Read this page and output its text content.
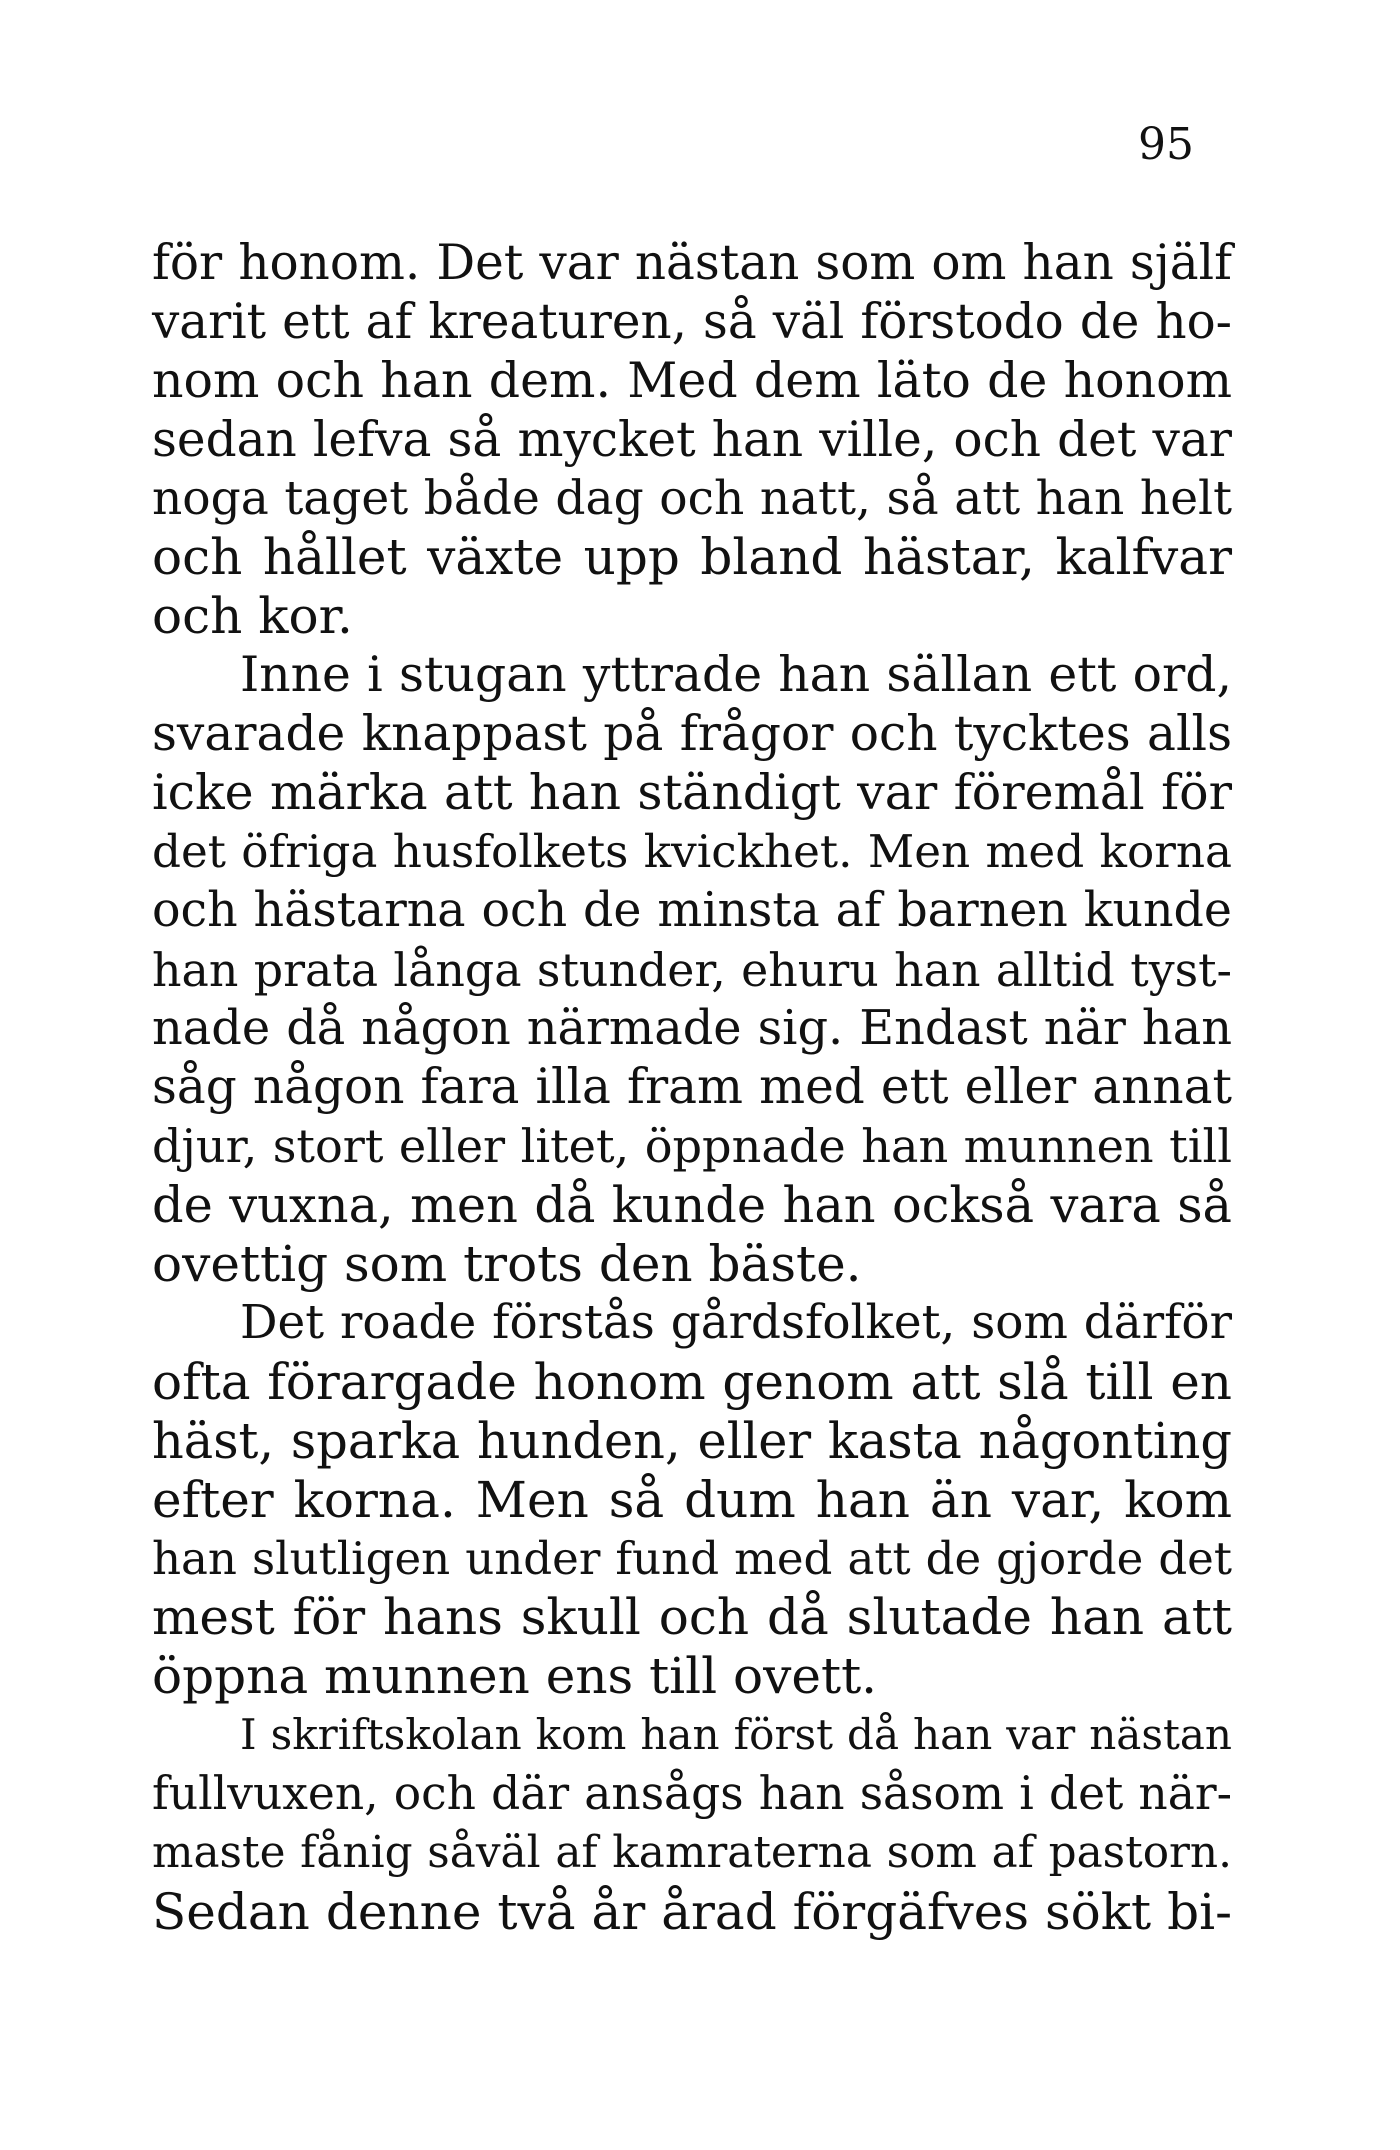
95
för honom. Det var nästan som om han själf
varit ett af kreaturen, så väl förstodo de ho-
nom och han dem. Med dem läto de honom
sedan lefva så mycket han ville, och det var
noga taget både dag och natt, så att han helt
och hållet växte upp bland hästar, kalfvar
och kor.
Inne i stugan yttrade han sällan ett ord,
svarade knappast på frågor och tycktes alls
icke märka att han ständigt var föremål för
det öfriga husfolkets kvickhet. Men med korna
och hästarna och de minsta af barnen kunde
han prata långa stunder, ehuru han alltid tyst-
nade då någon närmade sig. Endast när han
såg någon fara illa fram med ett eller annat
djur, stort eller litet, öppnade han munnen till
de vuxna, men då kunde han också vara så
ovettig som trots den bäste.
Det roade förstås gårdsfolket, som därför
ofta förargade honom genom att slå till en
häst, sparka hunden, eller kasta någonting
efter korna. Men så dum han än var, kom
han slutligen under fund med att de gjorde det
mest för hans skull och då slutade han att
öppna munnen ens till ovett.
I skriftskolan kom han först då han var nästan
fullvuxen, och där ansågs han såsom i det när-
maste fånig såväl af kamraterna som af pastorn.
Sedan denne två år årad förgäfves sökt bi-
